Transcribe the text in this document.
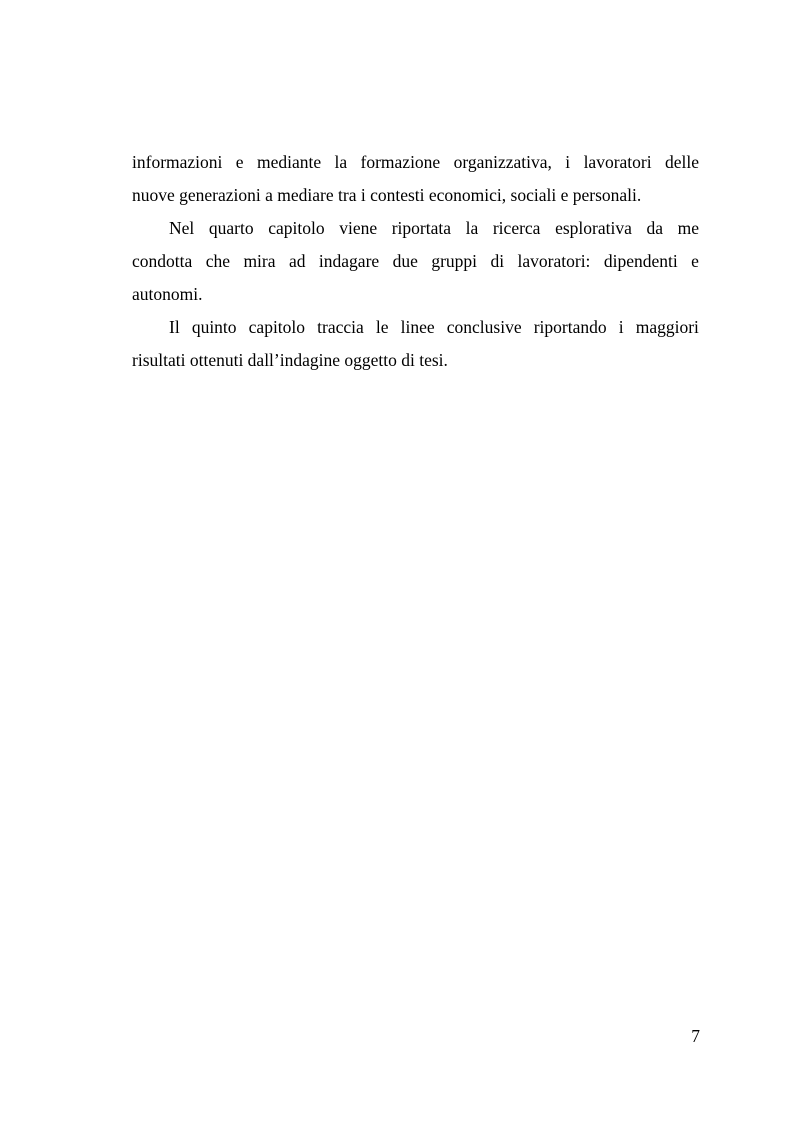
informazioni e mediante la formazione organizzativa, i lavoratori delle
nuove generazioni a mediare tra i contesti economici, sociali e personali.
Nel quarto capitolo viene riportata la ricerca esplorativa da me
condotta che mira ad indagare due gruppi di lavoratori: dipendenti e
autonomi.
Il quinto capitolo traccia le linee conclusive riportando i maggiori
risultati ottenuti dall’indagine oggetto di tesi.
7
